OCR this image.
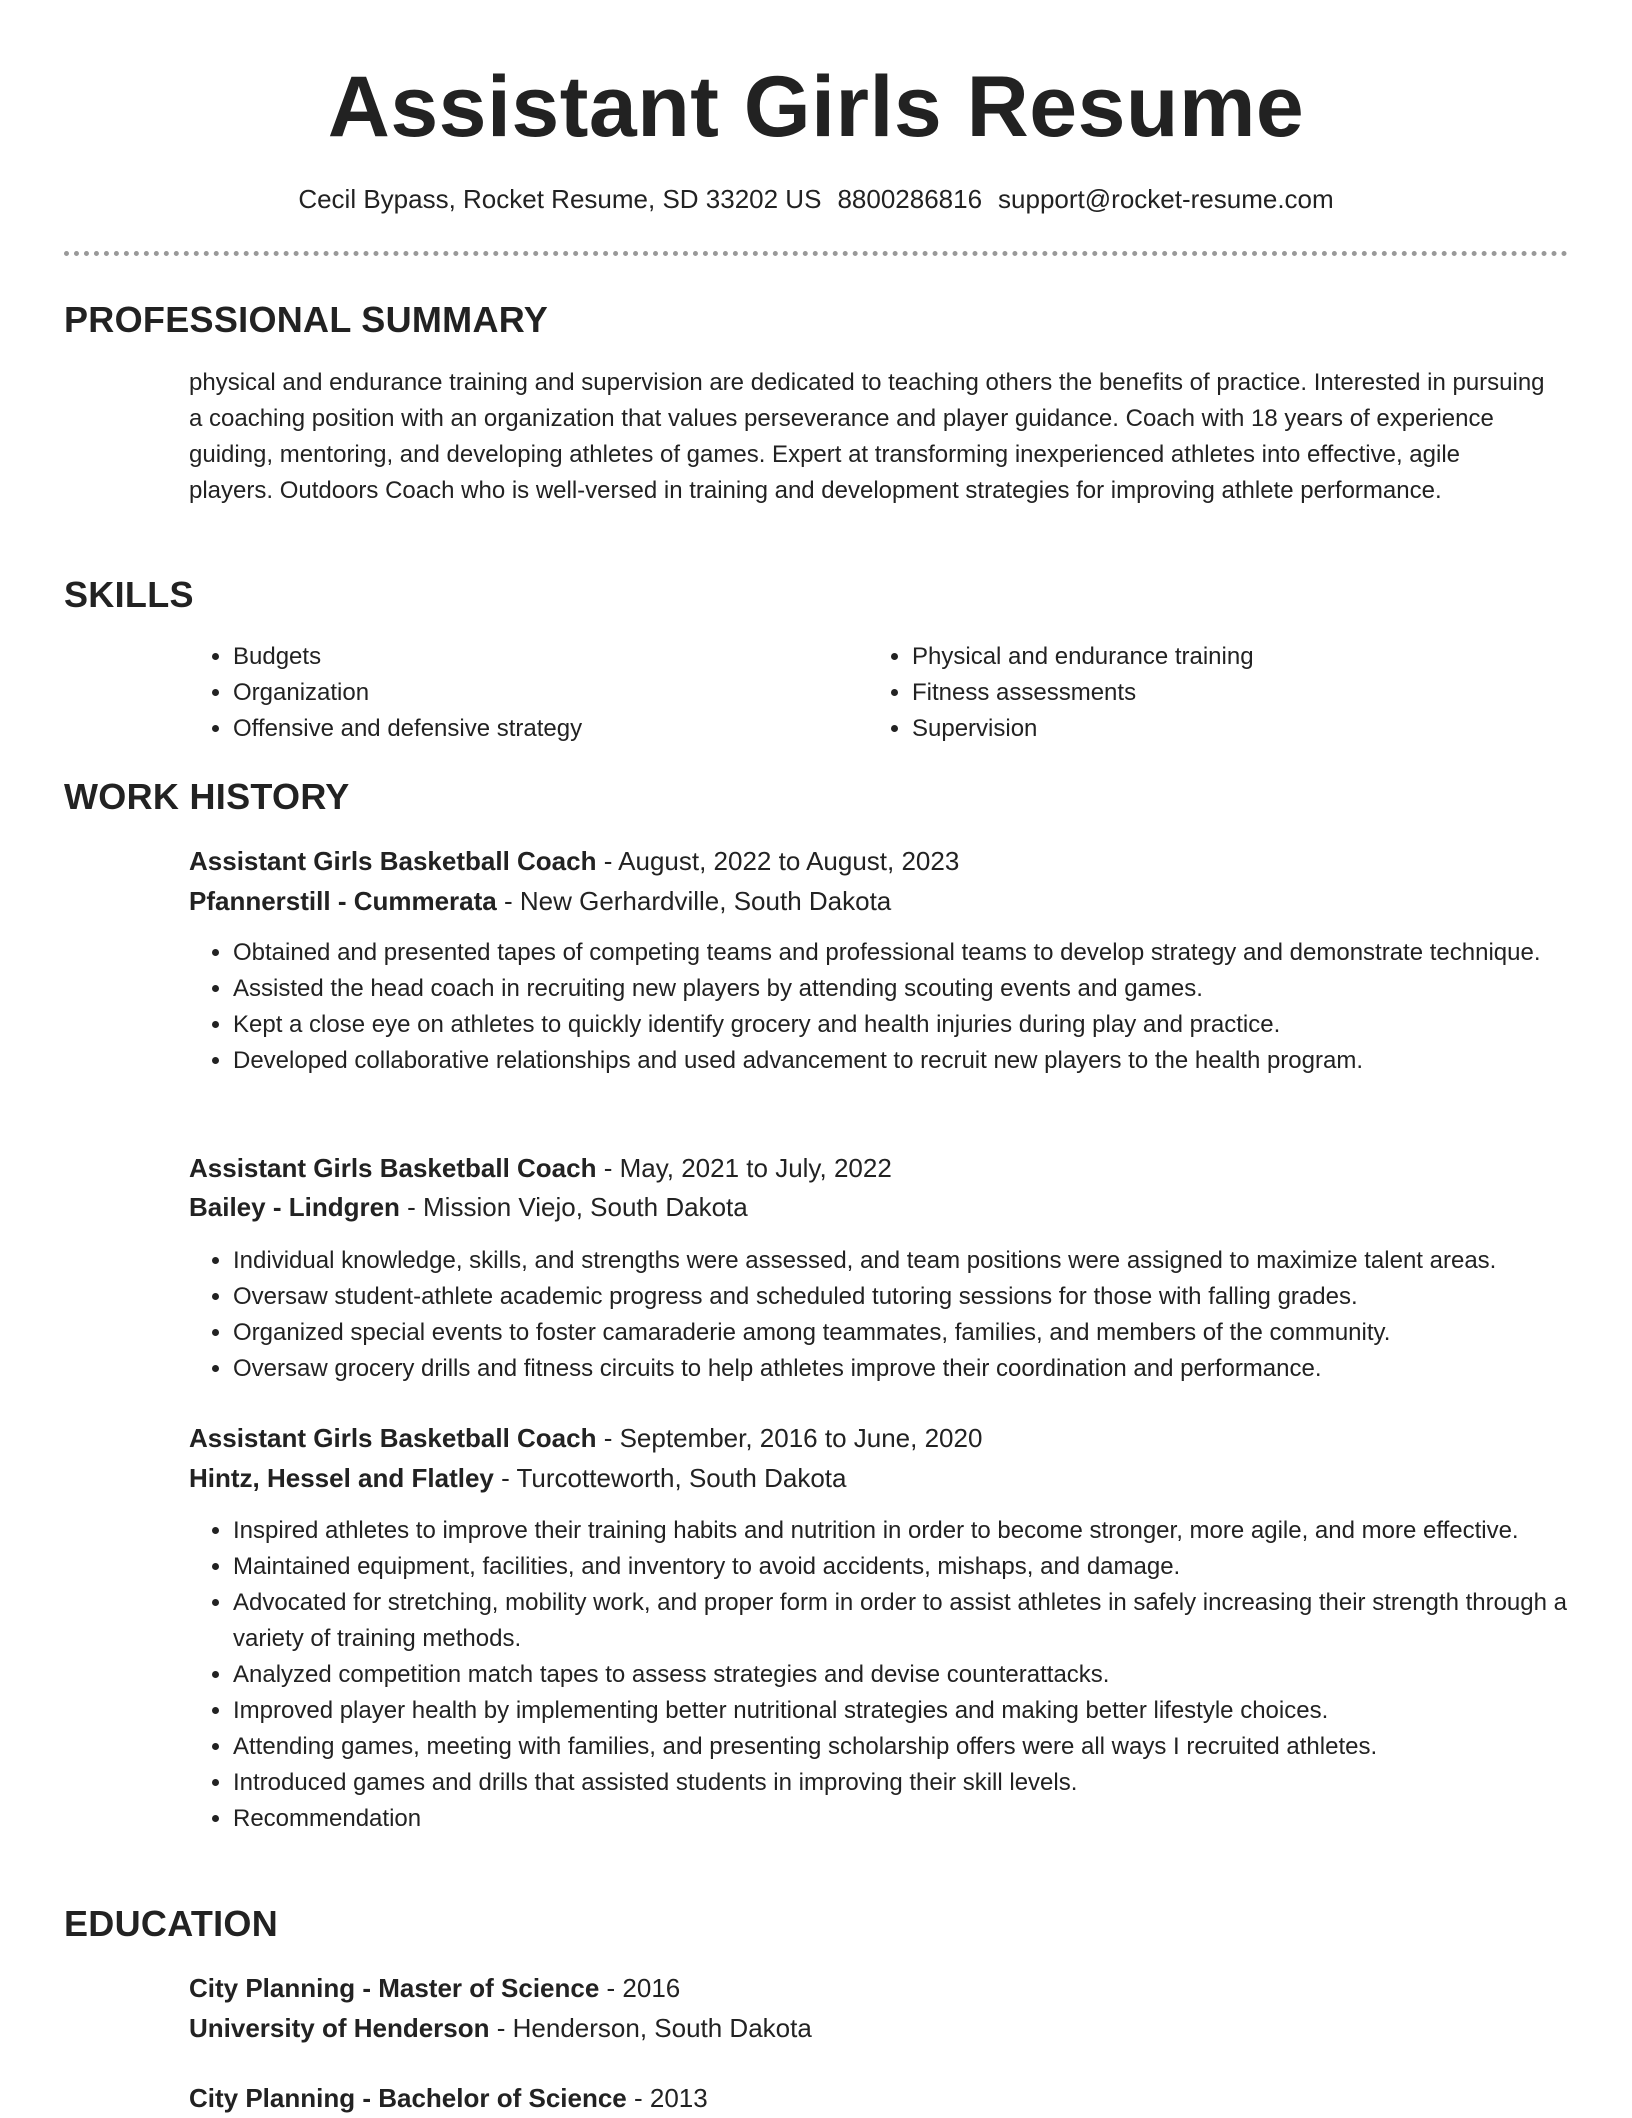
Assistant Girls Resume
Cecil Bypass, Rocket Resume, SD 33202 US 8800286816 support@rocket-resume.com
PROFESSIONAL SUMMARY

physical and endurance training and supervision are dedicated to teaching others the benefits of practice. Interested in pursuing a coaching position with an organization that values perseverance and player guidance. Coach with 18 years of experience guiding, mentoring, and developing athletes of games. Expert at transforming inexperienced athletes into effective, agile players. Outdoors Coach who is well-versed in training and development strategies for improving athlete performance.

SKILLS
• Budgets
• Organization
• Offensive and defensive strategy
• Physical and endurance training
• Fitness assessments
• Supervision
WORK HISTORY
Assistant Girls Basketball Coach - August, 2022 to August, 2023
Pfannerstill - Cummerata - New Gerhardville, South Dakota
• Obtained and presented tapes of competing teams and professional teams to develop strategy and demonstrate technique.
• Assisted the head coach in recruiting new players by attending scouting events and games.
• Kept a close eye on athletes to quickly identify grocery and health injuries during play and practice.
• Developed collaborative relationships and used advancement to recruit new players to the health program.
Assistant Girls Basketball Coach - May, 2021 to July, 2022
Bailey - Lindgren - Mission Viejo, South Dakota
• Individual knowledge, skills, and strengths were assessed, and team positions were assigned to maximize talent areas.
• Oversaw student-athlete academic progress and scheduled tutoring sessions for those with falling grades.
• Organized special events to foster camaraderie among teammates, families, and members of the community.
• Oversaw grocery drills and fitness circuits to help athletes improve their coordination and performance.
Assistant Girls Basketball Coach - September, 2016 to June, 2020
Hintz, Hessel and Flatley - Turcotteworth, South Dakota
• Inspired athletes to improve their training habits and nutrition in order to become stronger, more agile, and more effective.
• Maintained equipment, facilities, and inventory to avoid accidents, mishaps, and damage.
• Advocated for stretching, mobility work, and proper form in order to assist athletes in safely increasing their strength through a variety of training methods.
• Analyzed competition match tapes to assess strategies and devise counterattacks.
• Improved player health by implementing better nutritional strategies and making better lifestyle choices.
• Attending games, meeting with families, and presenting scholarship offers were all ways I recruited athletes.
• Introduced games and drills that assisted students in improving their skill levels.
• Recommendation
EDUCATION
City Planning - Master of Science - 2016
University of Henderson - Henderson, South Dakota
City Planning - Bachelor of Science - 2013
